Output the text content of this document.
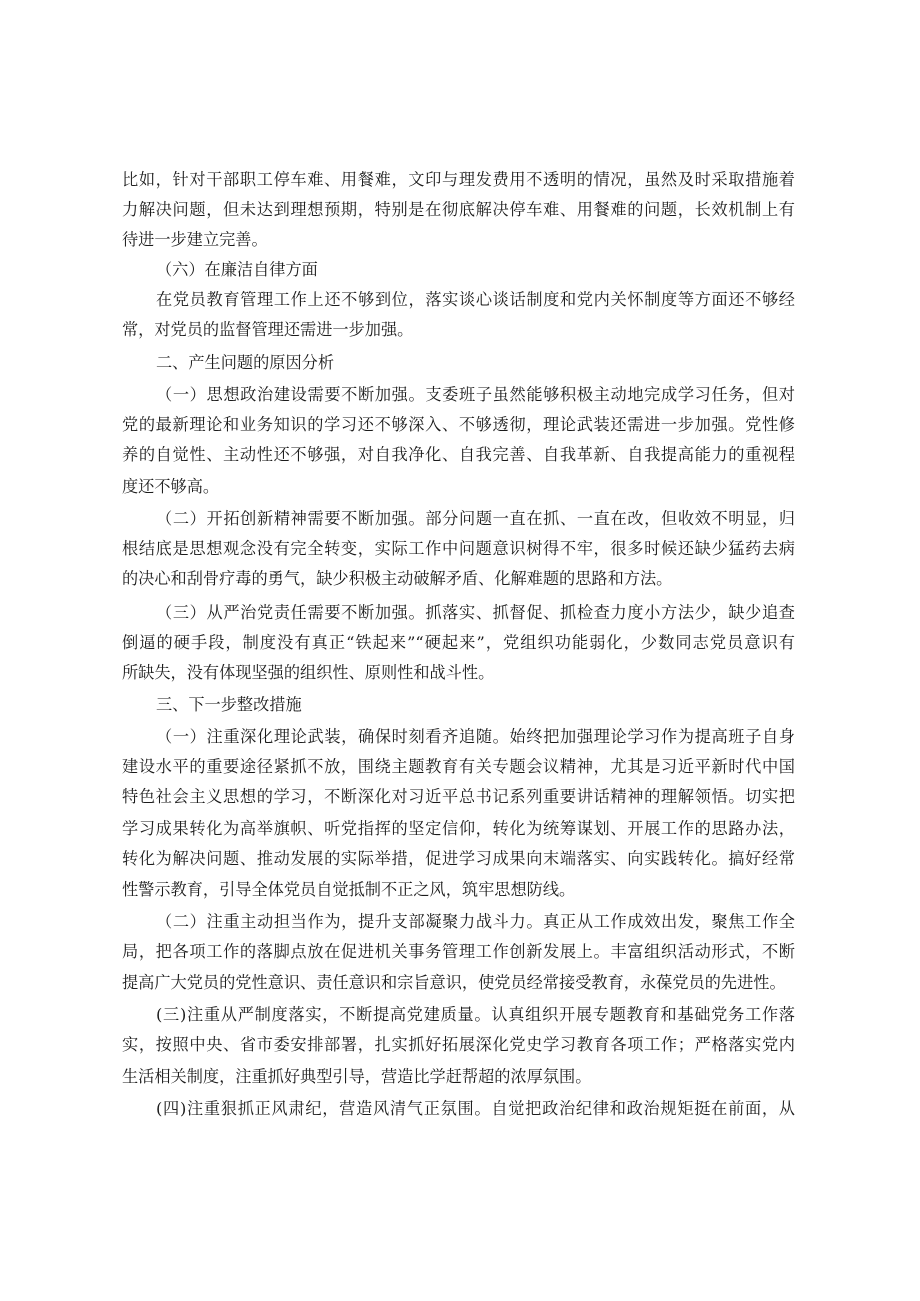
比如，针对干部职工停车难、用餐难，文印与理发费用不透明的情况，虽然及时采取措施着
力解决问题，但未达到理想预期，特别是在彻底解决停车难、用餐难的问题，长效机制上有
待进一步建立完善。
（六）在廉洁自律方面
在党员教育管理工作上还不够到位，落实谈心谈话制度和党内关怀制度等方面还不够经
常，对党员的监督管理还需进一步加强。
二、产生问题的原因分析
（一）思想政治建设需要不断加强。支委班子虽然能够积极主动地完成学习任务，但对
党的最新理论和业务知识的学习还不够深入、不够透彻，理论武装还需进一步加强。党性修
养的自觉性、主动性还不够强，对自我净化、自我完善、自我革新、自我提高能力的重视程
度还不够高。
（二）开拓创新精神需要不断加强。部分问题一直在抓、一直在改，但收效不明显，归
根结底是思想观念没有完全转变，实际工作中问题意识树得不牢，很多时候还缺少猛药去病
的决心和刮骨疗毒的勇气，缺少积极主动破解矛盾、化解难题的思路和方法。
（三）从严治党责任需要不断加强。抓落实、抓督促、抓检查力度小方法少，缺少追查
倒逼的硬手段，制度没有真正“铁起来”“硬起来”，党组织功能弱化，少数同志党员意识有
所缺失，没有体现坚强的组织性、原则性和战斗性。
三、下一步整改措施
（一）注重深化理论武装，确保时刻看齐追随。始终把加强理论学习作为提高班子自身
建设水平的重要途径紧抓不放，围绕主题教育有关专题会议精神，尤其是习近平新时代中国
特色社会主义思想的学习，不断深化对习近平总书记系列重要讲话精神的理解领悟。切实把
学习成果转化为高举旗帜、听党指挥的坚定信仰，转化为统筹谋划、开展工作的思路办法，
转化为解决问题、推动发展的实际举措，促进学习成果向末端落实、向实践转化。搞好经常
性警示教育，引导全体党员自觉抵制不正之风，筑牢思想防线。
（二）注重主动担当作为，提升支部凝聚力战斗力。真正从工作成效出发，聚焦工作全
局，把各项工作的落脚点放在促进机关事务管理工作创新发展上。丰富组织活动形式，不断
提高广大党员的党性意识、责任意识和宗旨意识，使党员经常接受教育，永葆党员的先进性。
(三)注重从严制度落实，不断提高党建质量。认真组织开展专题教育和基础党务工作落
实，按照中央、省市委安排部署，扎实抓好拓展深化党史学习教育各项工作；严格落实党内
生活相关制度，注重抓好典型引导，营造比学赶帮超的浓厚氛围。
(四)注重狠抓正风肃纪，营造风清气正氛围。自觉把政治纪律和政治规矩挺在前面，从
